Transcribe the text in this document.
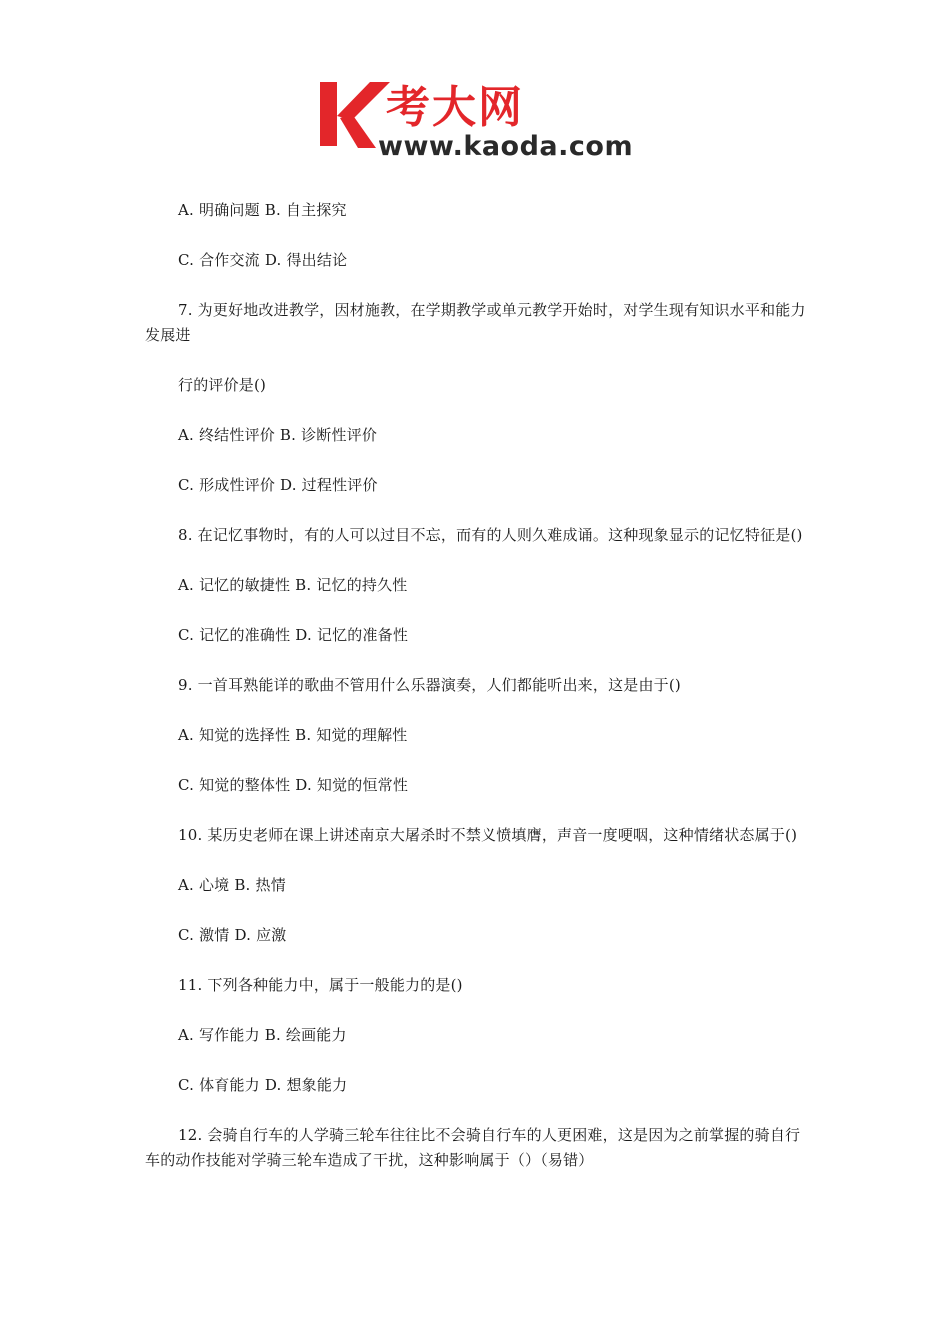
考大网
www.kaoda.com

A. 明确问题 B. 自主探究

C. 合作交流 D. 得出结论

7. 为更好地改进教学，因材施教，在学期教学或单元教学开始时，对学生现有知识水平和能力发展进

行的评价是()

A. 终结性评价 B. 诊断性评价

C. 形成性评价 D. 过程性评价

8. 在记忆事物时，有的人可以过目不忘，而有的人则久难成诵。这种现象显示的记忆特征是()

A. 记忆的敏捷性 B. 记忆的持久性

C. 记忆的准确性 D. 记忆的准备性

9. 一首耳熟能详的歌曲不管用什么乐器演奏，人们都能听出来，这是由于()

A. 知觉的选择性 B. 知觉的理解性

C. 知觉的整体性 D. 知觉的恒常性

10. 某历史老师在课上讲述南京大屠杀时不禁义愤填膺，声音一度哽咽，这种情绪状态属于()

A. 心境 B. 热情

C. 激情 D. 应激

11. 下列各种能力中，属于一般能力的是()

A. 写作能力 B. 绘画能力

C. 体育能力 D. 想象能力

12. 会骑自行车的人学骑三轮车往往比不会骑自行车的人更困难，这是因为之前掌握的骑自行车的动作技能对学骑三轮车造成了干扰，这种影响属于（）（易错）
